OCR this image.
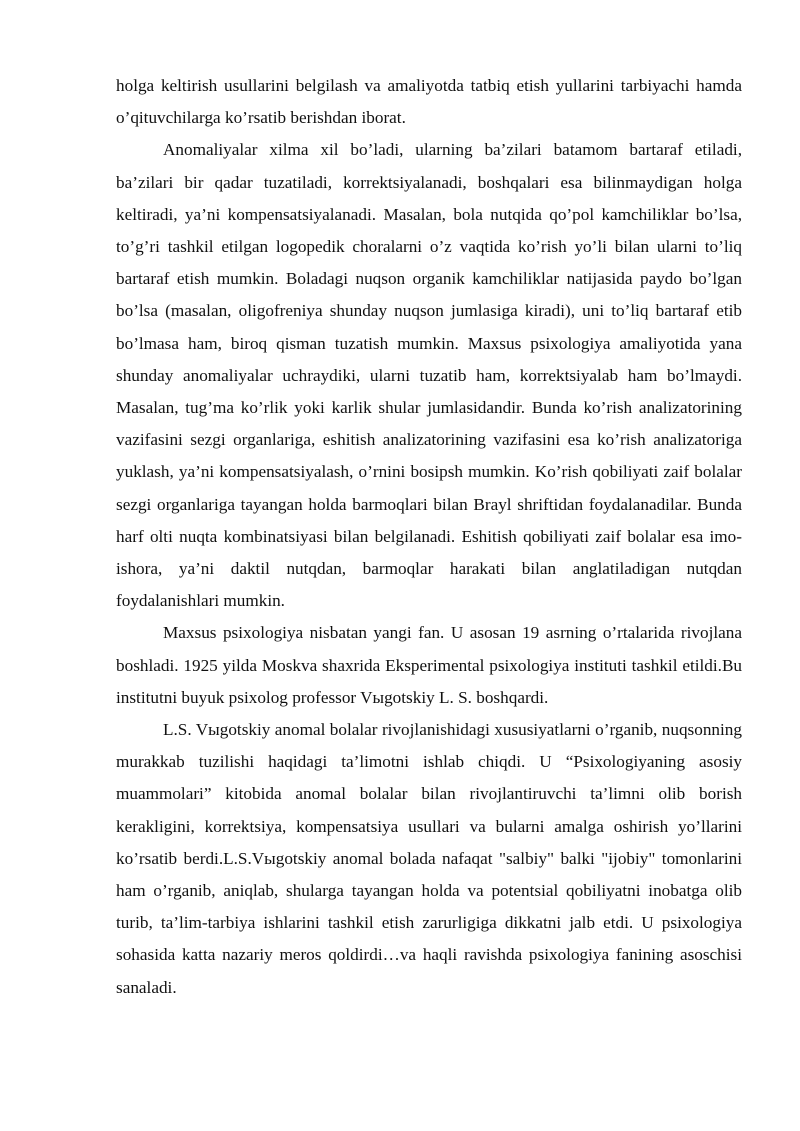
holga keltirish usullarini belgilash va amaliyotda tatbiq etish yullarini tarbiyachi hamda o’qituvchilarga ko’rsatib berishdan iborat.

Anomaliyalar xilma xil bo’ladi, ularning ba’zilari batamom bartaraf etiladi, ba’zilari bir qadar tuzatiladi, korrektsiyalanadi, boshqalari esa bilinmaydigan holga keltiradi, ya’ni kompensatsiyalanadi. Masalan, bola nutqida qo’pol kamchiliklar bo’lsa, to’g’ri tashkil etilgan logopedik choralarni o’z vaqtida ko’rish yo’li bilan ularni to’liq bartaraf etish mumkin. Boladagi nuqson organik kamchiliklar natijasida paydo bo’lgan bo’lsa (masalan, oligofreniya shunday nuqson jumlasiga kiradi), uni to’liq bartaraf etib bo’lmasa ham, biroq qisman tuzatish mumkin. Maxsus psixologiya amaliyotida yana shunday anomaliyalar uchraydiki, ularni tuzatib ham, korrektsiyalab ham bo’lmaydi. Masalan, tug’ma ko’rlik yoki karlik shular jumlasidandir. Bunda ko’rish analizatorining vazifasini sezgi organlariga, eshitish analizatorining vazifasini esa ko’rish analizatoriga yuklash, ya’ni kompensatsiyalash, o’rnini bosipsh mumkin. Ko’rish qobiliyati zaif bolalar sezgi organlariga tayangan holda barmoqlari bilan Brayl shriftidan foydalanadilar. Bunda harf olti nuqta kombinatsiyasi bilan belgilanadi. Eshitish qobiliyati zaif bolalar esa imo-ishora, ya’ni daktil nutqdan, barmoqlar harakati bilan anglatiladigan nutqdan foydalanishlari mumkin.

Maxsus psixologiya nisbatan yangi fan. U asosan 19 asrning o’rtalarida rivojlana boshladi. 1925 yilda Moskva shaxrida Eksperimental psixologiya instituti tashkil etildi.Bu institutni buyuk psixolog professor Vыgotskiy L. S. boshqardi.

L.S. Vыgotskiy anomal bolalar rivojlanishidagi xususiyatlarni o’rganib, nuqsonning murakkab tuzilishi haqidagi ta’limotni ishlab chiqdi. U “Psixologiyaning asosiy muammolari” kitobida anomal bolalar bilan rivojlantiruvchi ta’limni olib borish kerakligini, korrektsiya, kompensatsiya usullari va bularni amalga oshirish yo’llarini ko’rsatib berdi.L.S.Vыgotskiy anomal bolada nafaqat "salbiy" balki "ijobiy" tomonlarini ham o’rganib, aniqlab, shularga tayangan holda va potentsial qobiliyatni inobatga olib turib, ta’lim-tarbiya ishlarini tashkil etish zarurligiga dikkatni jalb etdi. U psixologiya sohasida katta nazariy meros qoldirdi…va haqli ravishda psixologiya fanining asoschisi sanaladi.
